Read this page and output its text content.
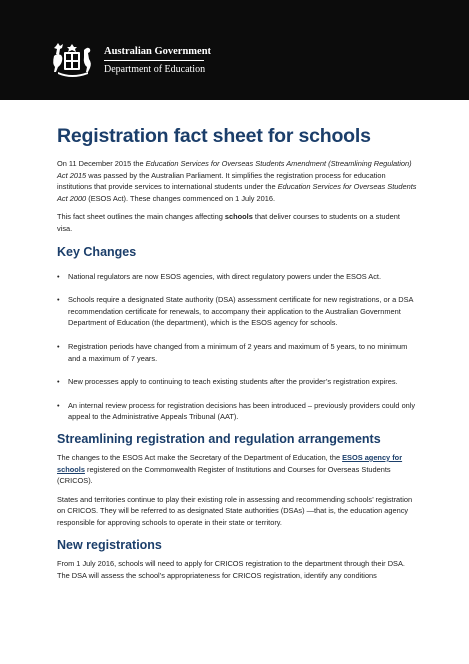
Australian Government
Department of Education
Registration fact sheet for schools

On 11 December 2015 the Education Services for Overseas Students Amendment (Streamlining Regulation) Act 2015 was passed by the Australian Parliament. It simplifies the registration process for education institutions that provide services to international students under the Education Services for Overseas Students Act 2000 (ESOS Act). These changes commenced on 1 July 2016.

This fact sheet outlines the main changes affecting schools that deliver courses to students on a student visa.

Key Changes
• National regulators are now ESOS agencies, with direct regulatory powers under the ESOS Act.
• Schools require a designated State authority (DSA) assessment certificate for new registrations, or a DSA recommendation certificate for renewals, to accompany their application to the Australian Government Department of Education (the department), which is the ESOS agency for schools.
• Registration periods have changed from a minimum of 2 years and maximum of 5 years, to no minimum and a maximum of 7 years.
• New processes apply to continuing to teach existing students after the provider’s registration expires.
• An internal review process for registration decisions has been introduced – previously providers could only appeal to the Administrative Appeals Tribunal (AAT).
Streamlining registration and regulation arrangements

The changes to the ESOS Act make the Secretary of the Department of Education, the ESOS agency for schools registered on the Commonwealth Register of Institutions and Courses for Overseas Students (CRICOS).

States and territories continue to play their existing role in assessing and recommending schools’ registration on CRICOS. They will be referred to as designated State authorities (DSAs) —that is, the education agency responsible for approving schools to operate in their state or territory.

New registrations

From 1 July 2016, schools will need to apply for CRICOS registration to the department through their DSA. The DSA will assess the school’s appropriateness for CRICOS registration, identify any conditions
